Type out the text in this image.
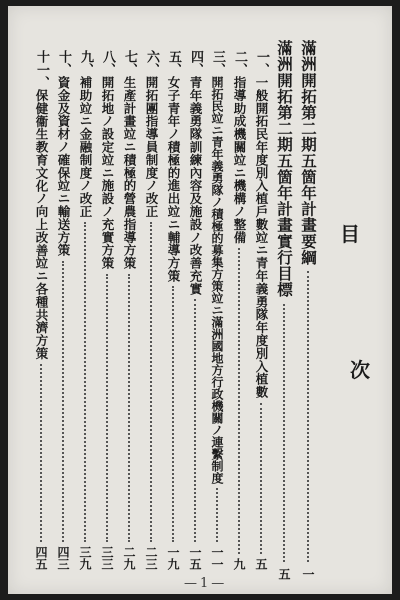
目
次
滿洲開拓第二期五箇年計畫要綱
一
滿洲開拓第二期五箇年計畫實行目標
五
一、
一般開拓民年度別入植戶數竝ニ青年義勇隊年度別入植數
五
二、
指導助成機關竝ニ機構ノ整備
九
三、
開拓民竝ニ青年義勇隊ノ積極的募集方策竝ニ滿洲國地方行政機關ノ連繫制度
一一
四、
青年義勇隊訓練內容及施設ノ改善充實
一五
五、
女子青年ノ積極的進出竝ニ輔導方策
一九
六、
開拓團指導員制度ノ改正
二三
七、
生產計畫竝ニ積極的營農指導方策
二九
八、
開拓地ノ設定竝ニ施設ノ充實方策
三三
九、
補助竝ニ金融制度ノ改正
三九
十、
資金及資材ノ確保竝ニ輸送方策
四三
十一、
保健衞生教育文化ノ向上改善竝ニ各種共濟方策
四五
—1—
